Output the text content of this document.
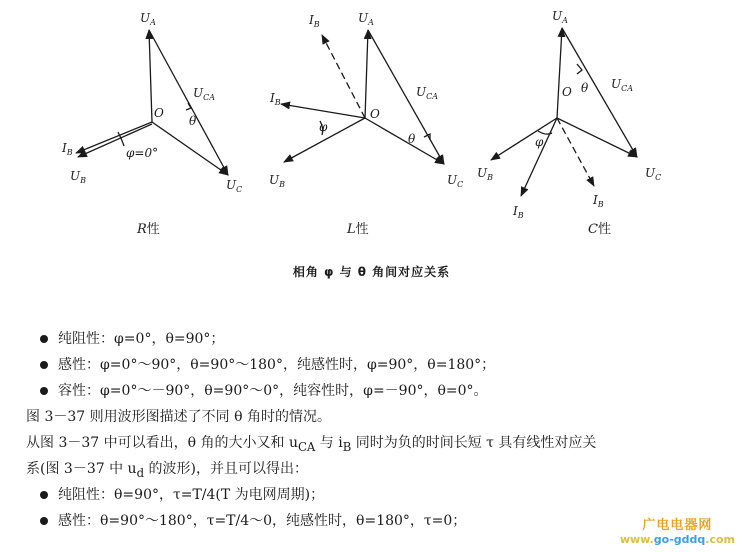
$U_A$
$U_{CA}$
O
θ
$U_C$
$I_B$
$U_B$
φ=0°
$U_A$
$I_B$
$I_B$
$U_{CA}$
O
θ
φ
$U_B$	$U_C$
$U_A$
$U_{CA}$
O θ
φ
$U_B$	$U_C$
$I_B$
$I_B$
R性	L性	C性
相角 φ 与 θ 角间对应关系
纯阻性：φ=0°，θ=90°；
感性：φ=0°～90°，θ=90°～180°，纯感性时，φ=90°，θ=180°；
容性：φ=0°～－90°，θ=90°～0°，纯容性时，φ=－90°，θ=0°。
图 3－37 则用波形图描述了不同 θ 角时的情况。
从图 3－37 中可以看出，θ 角的大小又和 $u_{CA}$ 与 $i_B$ 同时为负的时间长短 τ 具有线性对应关
系(图 3－37 中 $u_d$ 的波形)，并且可以得出：
纯阻性：θ=90°，τ=T/4(T 为电网周期)；
感性：θ=90°～180°，τ=T/4～0，纯感性时，θ=180°，τ=0；	广电电器网
www.go-gddq.com
